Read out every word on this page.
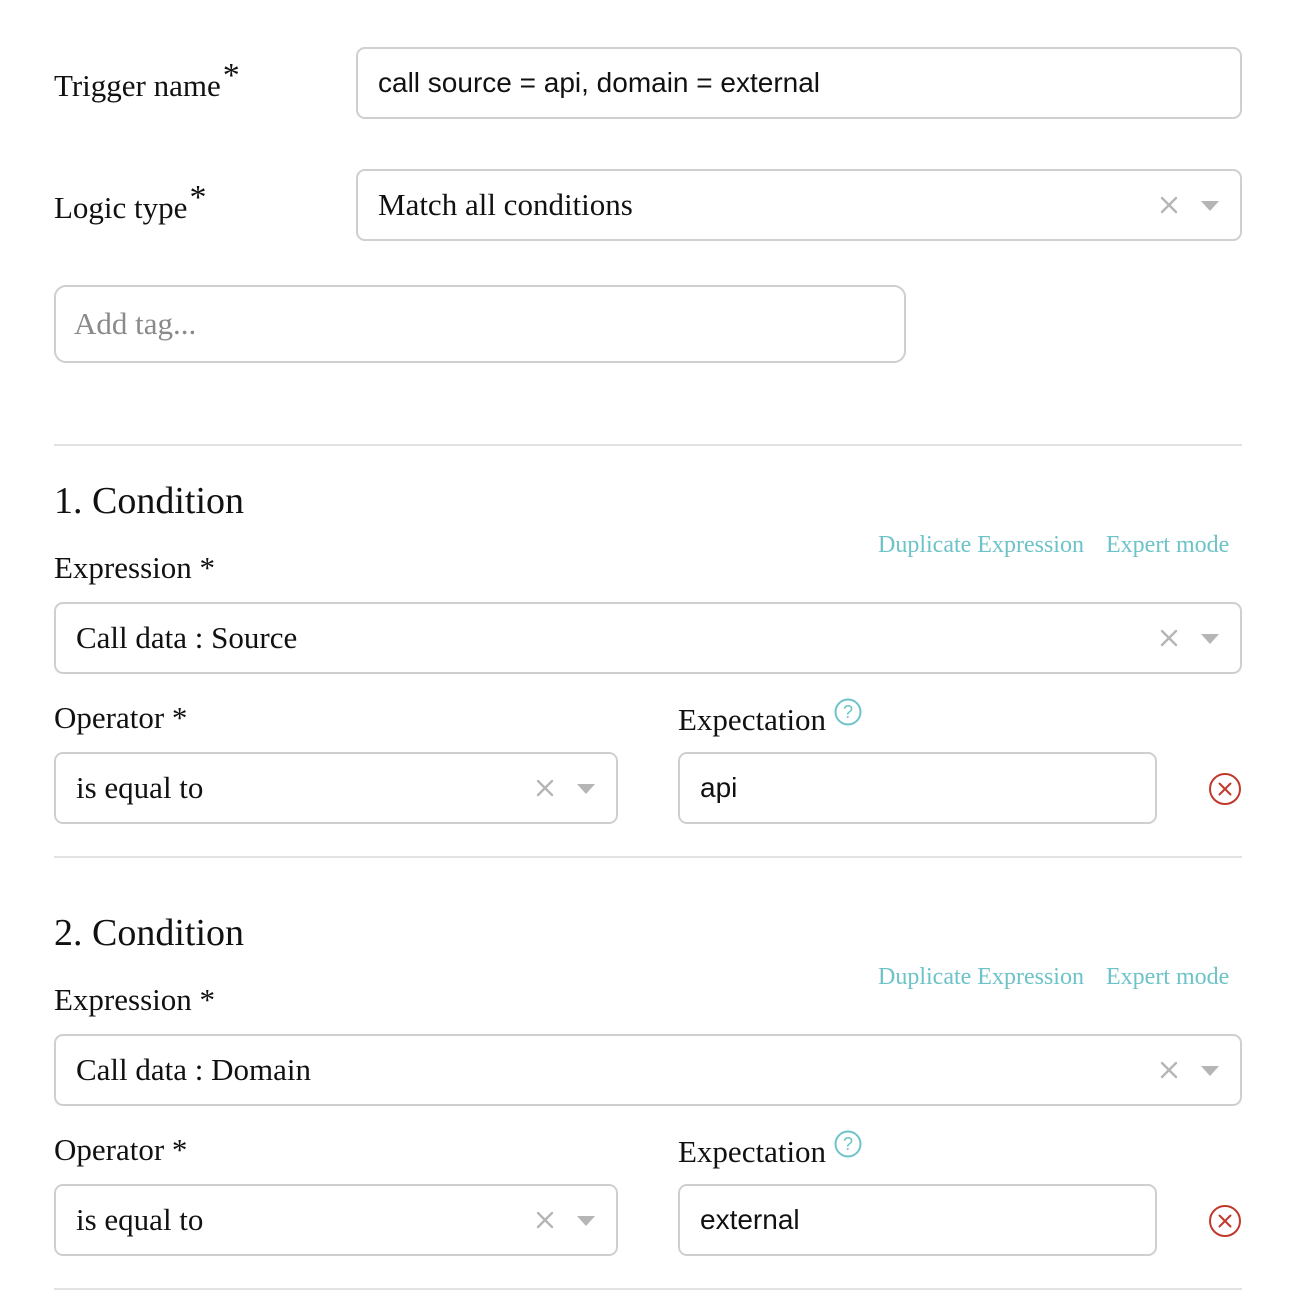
Trigger name*	call source = api, domain = external
Logic type*	Match all conditions
Add tag...
1. Condition
Expression *
Duplicate Expression Expert mode
Call data : Source
Operator *	Expectation ?
is equal to	api
2. Condition
Expression *
Duplicate Expression Expert mode
Call data : Domain
Operator *	Expectation ?
is equal to	external
